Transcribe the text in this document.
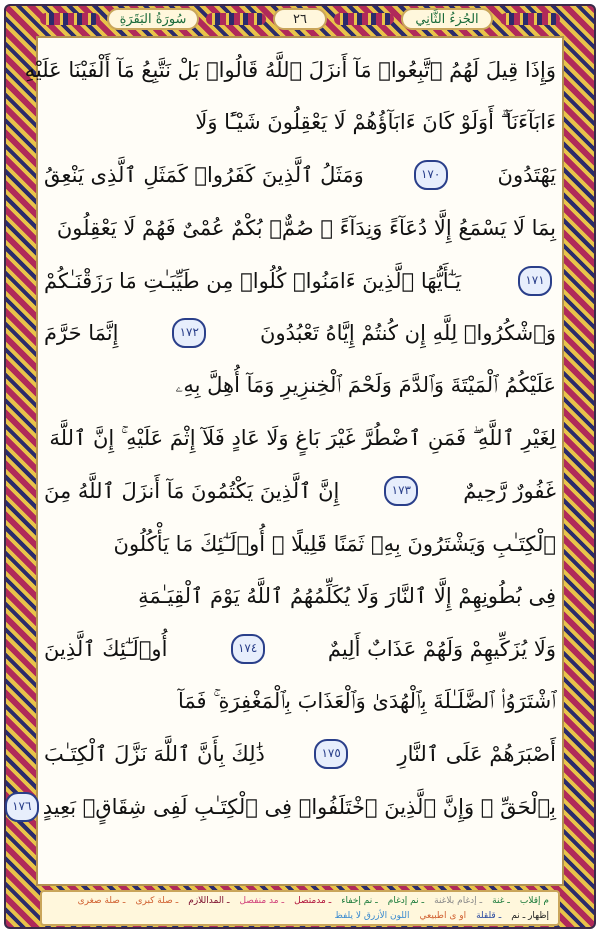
الجُزءُ الثَّانِي
٢٦
سُورَةُ البَقَرَةِ
وَإِذَا قِيلَ لَهُمُ ٱتَّبِعُوا۟ مَآ أَنزَلَ ٱللَّهُ قَالُوا۟ بَلْ نَتَّبِعُ مَآ أَلْفَيْنَا عَلَيْهِ
ءَابَآءَنَآ ۗ أَوَلَوْ كَانَ ءَابَآؤُهُمْ لَا يَعْقِلُونَ شَيْـًٔا وَلَا
يَهْتَدُونَ
١٧٠
وَمَثَلُ ٱلَّذِينَ كَفَرُوا۟ كَمَثَلِ ٱلَّذِى يَنْعِقُ
بِمَا لَا يَسْمَعُ إِلَّا دُعَآءً وَنِدَآءً ۚ صُمٌّۢ بُكْمٌ عُمْىٌ فَهُمْ لَا يَعْقِلُونَ
١٧١
يَـٰٓأَيُّهَا ٱلَّذِينَ ءَامَنُوا۟ كُلُوا۟ مِن طَيِّبَـٰتِ مَا رَزَقْنَـٰكُمْ
وَٱشْكُرُوا۟ لِلَّهِ إِن كُنتُمْ إِيَّاهُ تَعْبُدُونَ
١٧٢
إِنَّمَا حَرَّمَ
عَلَيْكُمُ ٱلْمَيْتَةَ وَٱلدَّمَ وَلَحْمَ ٱلْخِنزِيرِ وَمَآ أُهِلَّ بِهِۦ
لِغَيْرِ ٱللَّهِ ۖ فَمَنِ ٱضْطُرَّ غَيْرَ بَاغٍ وَلَا عَادٍ فَلَآ إِثْمَ عَلَيْهِ ۚ إِنَّ ٱللَّهَ
غَفُورٌ رَّحِيمٌ
١٧٣
إِنَّ ٱلَّذِينَ يَكْتُمُونَ مَآ أَنزَلَ ٱللَّهُ مِنَ
ٱلْكِتَـٰبِ وَيَشْتَرُونَ بِهِۦ ثَمَنًا قَلِيلًا ۙ أُو۟لَـٰٓئِكَ مَا يَأْكُلُونَ
فِى بُطُونِهِمْ إِلَّا ٱلنَّارَ وَلَا يُكَلِّمُهُمُ ٱللَّهُ يَوْمَ ٱلْقِيَـٰمَةِ
وَلَا يُزَكِّيهِمْ وَلَهُمْ عَذَابٌ أَلِيمٌ
١٧٤
أُو۟لَـٰٓئِكَ ٱلَّذِينَ
ٱشْتَرَوُا۟ ٱلضَّلَـٰلَةَ بِٱلْهُدَىٰ وَٱلْعَذَابَ بِٱلْمَغْفِرَةِ ۚ فَمَآ
أَصْبَرَهُمْ عَلَى ٱلنَّارِ
١٧٥
ذَٰلِكَ بِأَنَّ ٱللَّهَ نَزَّلَ ٱلْكِتَـٰبَ
بِٱلْحَقِّ ۗ وَإِنَّ ٱلَّذِينَ ٱخْتَلَفُوا۟ فِى ٱلْكِتَـٰبِ لَفِى شِقَاقٍۭ بَعِيدٍ
١٧٦
م إقلاب
ـ غنة
ـ إدغام بلاغنة
ـ نم إدغام
ـ نم إخفاء
ـ مدمتصل
ـ مد منفصل
ـ المداللازم
ـ صلة كبرى
ـ صلة صغرى
إظهار ـ نم
ـ قلقلة
او ى اطبيعي
اللون الأزرق لا يلفظ
